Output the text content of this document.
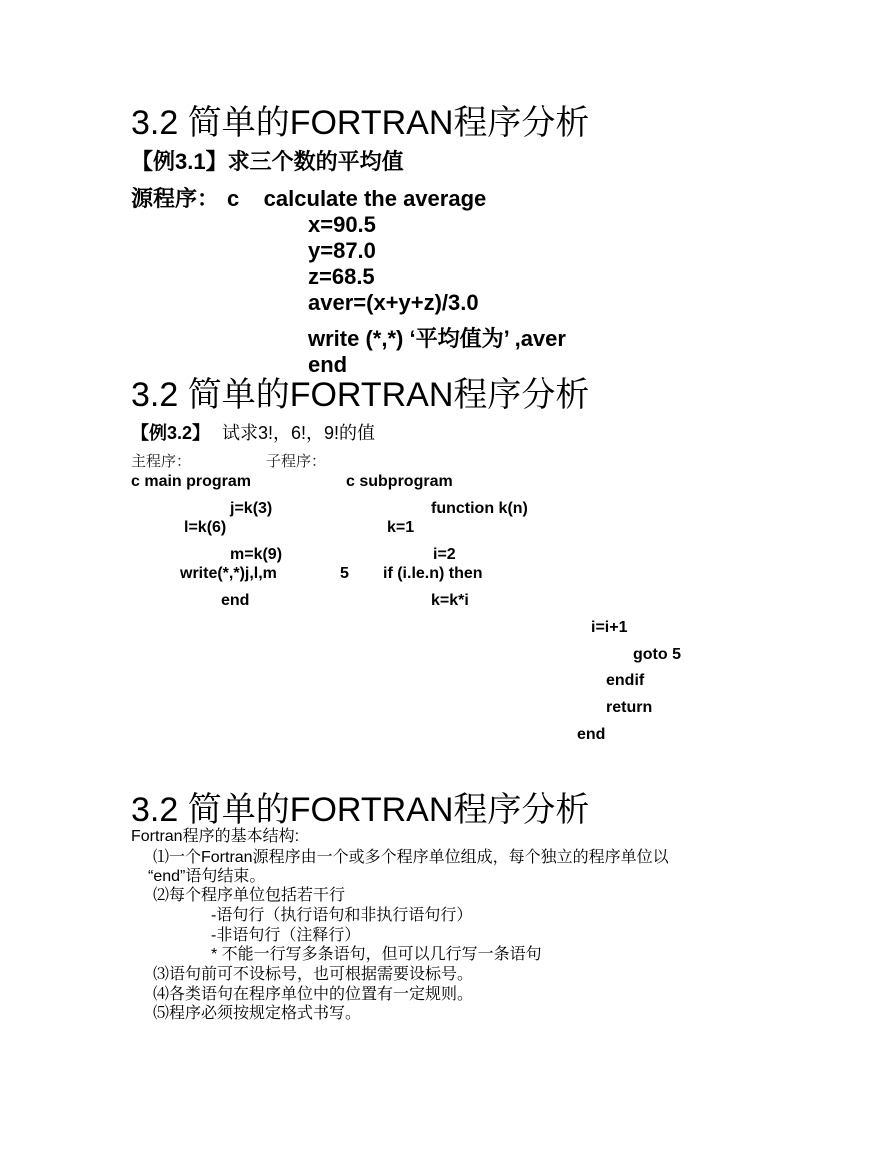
3.2 简单的FORTRAN程序分析
【例3.1】求三个数的平均值
源程序： c    calculate the average
x=90.5
y=87.0
z=68.5
aver=(x+y+z)/3.0
write (*,*) ‘平均值为’ ,aver
end
3.2 简单的FORTRAN程序分析
【例3.2】 试求3!，6!，9!的值
主程序：	子程序：
c main program
j=k(3)
l=k(6)
m=k(9)
write(*,*)j,l,m
end
c subprogram
function k(n)
k=1
i=2
5 if (i.le.n) then
k=k*i
i=i+1
goto 5
endif
return
end
3.2 简单的FORTRAN程序分析
Fortran程序的基本结构:
⑴一个Fortran源程序由一个或多个程序单位组成，每个独立的程序单位以
“end”语句结束。
⑵每个程序单位包括若干行
-语句行（执行语句和非执行语句行）
-非语句行（注释行）
* 不能一行写多条语句，但可以几行写一条语句
⑶语句前可不设标号，也可根据需要设标号。
⑷各类语句在程序单位中的位置有一定规则。
⑸程序必须按规定格式书写。
